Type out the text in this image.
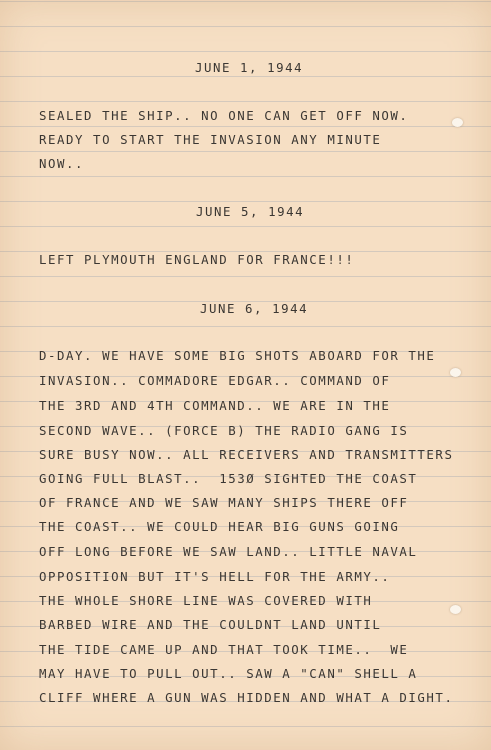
JUNE 1, 1944
SEALED THE SHIP.. NO ONE CAN GET OFF NOW.
READY TO START THE INVASION ANY MINUTE
NOW..
JUNE 5, 1944
LEFT PLYMOUTH ENGLAND FOR FRANCE!!!
JUNE 6, 1944
D-DAY. WE HAVE SOME BIG SHOTS ABOARD FOR THE
INVASION.. COMMADORE EDGAR.. COMMAND OF
THE 3RD AND 4TH COMMAND.. WE ARE IN THE
SECOND WAVE.. (FORCE B) THE RADIO GANG IS
SURE BUSY NOW.. ALL RECEIVERS AND TRANSMITTERS
GOING FULL BLAST..  153Ø SIGHTED THE COAST
OF FRANCE AND WE SAW MANY SHIPS THERE OFF
THE COAST.. WE COULD HEAR BIG GUNS GOING
OFF LONG BEFORE WE SAW LAND.. LITTLE NAVAL
OPPOSITION BUT IT'S HELL FOR THE ARMY..
THE WHOLE SHORE LINE WAS COVERED WITH
BARBED WIRE AND THE COULDNT LAND UNTIL
THE TIDE CAME UP AND THAT TOOK TIME..  WE
MAY HAVE TO PULL OUT.. SAW A "CAN" SHELL A
CLIFF WHERE A GUN WAS HIDDEN AND WHAT A DIGHT.
